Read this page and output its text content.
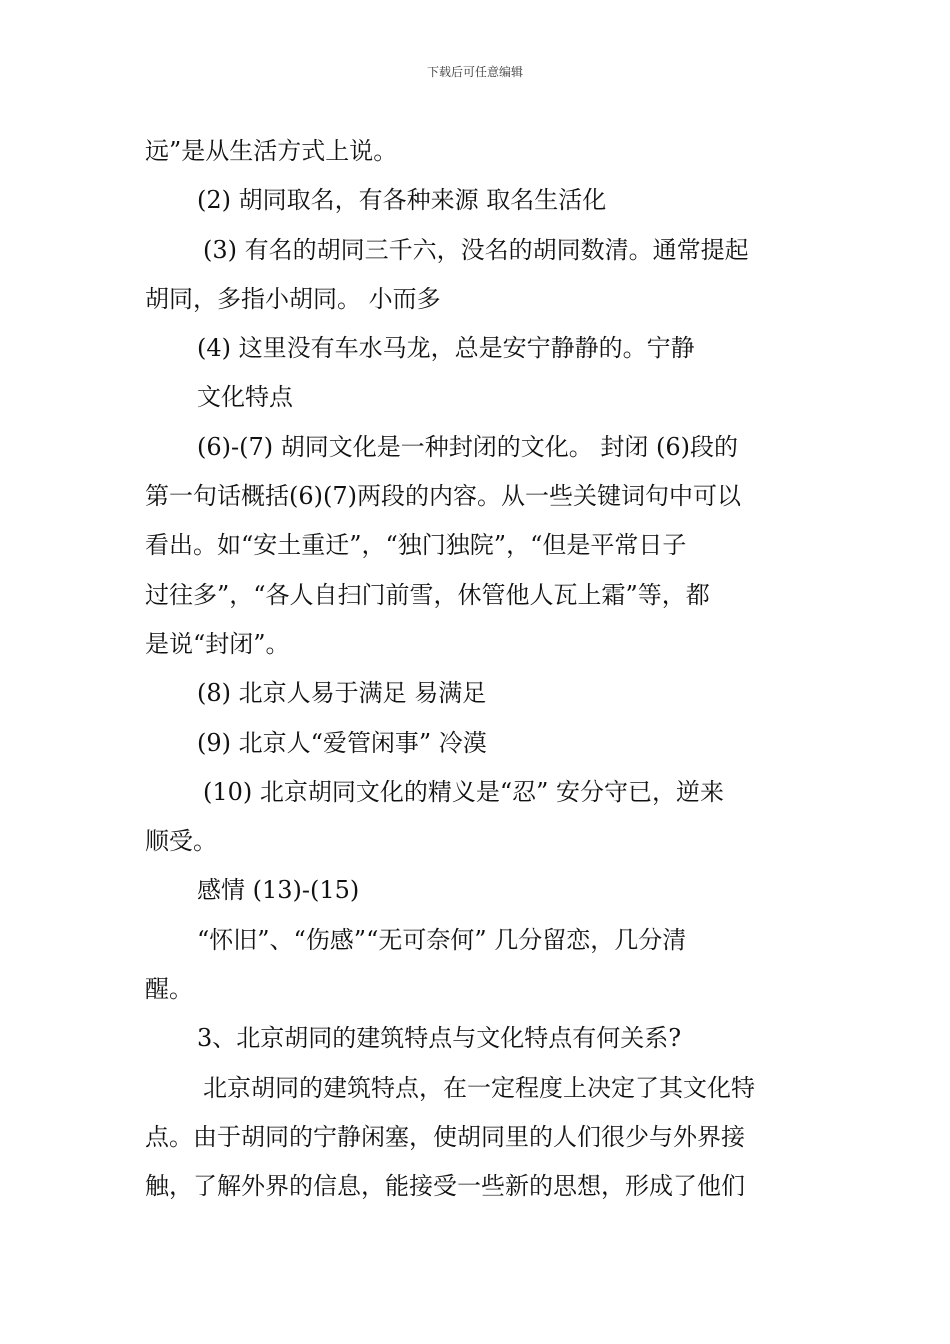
下载后可任意编辑
远”是从生活方式上说。
(2) 胡同取名，有各种来源 取名生活化
(3) 有名的胡同三千六，没名的胡同数清。通常提起
胡同，多指小胡同。 小而多
(4) 这里没有车水马龙，总是安宁静静的。宁静
文化特点
(6)-(7) 胡同文化是一种封闭的文化。 封闭 (6)段的
第一句话概括(6)(7)两段的内容。从一些关键词句中可以
看出。如“安土重迁”，“独门独院”，“但是平常日子
过往多”，“各人自扫门前雪，休管他人瓦上霜”等，都
是说“封闭”。
(8) 北京人易于满足 易满足
(9) 北京人“爱管闲事” 冷漠
(10) 北京胡同文化的精义是“忍” 安分守已，逆来
顺受。
感情 (13)-(15)
“怀旧”、“伤感”“无可奈何” 几分留恋，几分清
醒。
3、北京胡同的建筑特点与文化特点有何关系?
北京胡同的建筑特点，在一定程度上决定了其文化特
点。由于胡同的宁静闲塞，使胡同里的人们很少与外界接
触，了解外界的信息，能接受一些新的思想，形成了他们
